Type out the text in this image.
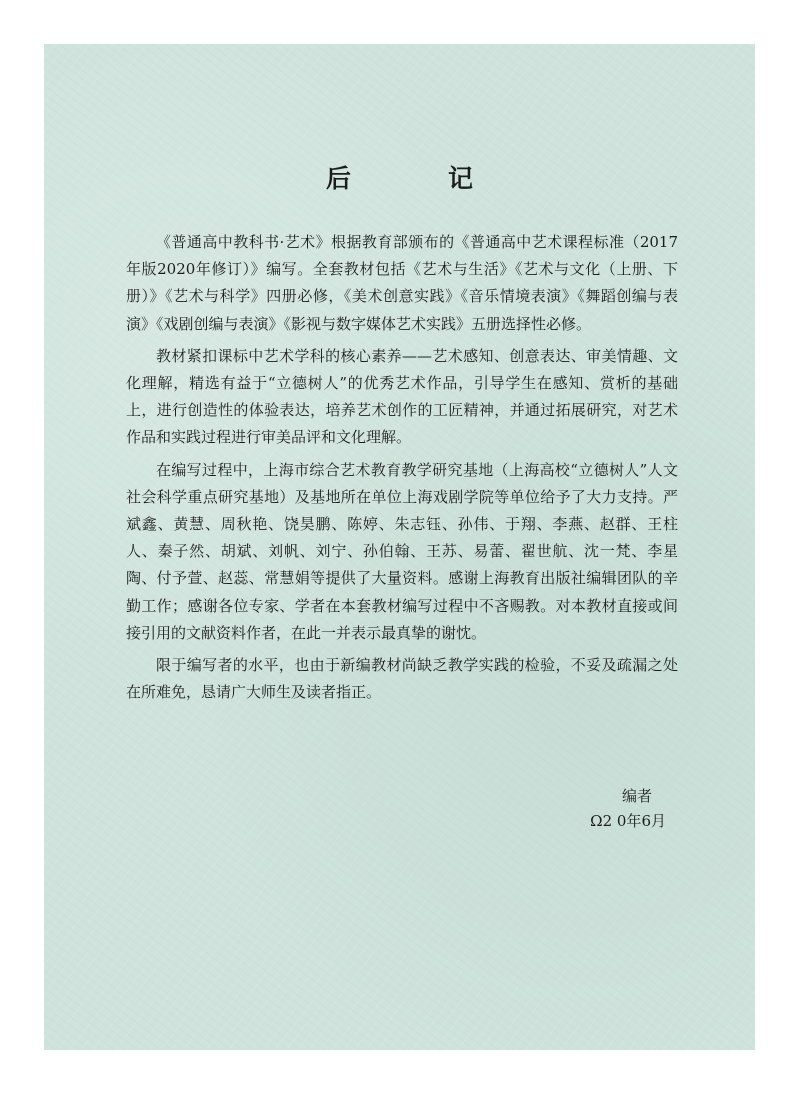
后　记

《普通高中教科书·艺术》根据教育部颁布的《普通高中艺术课程标准（2017年版2020年修订）》编写。全套教材包括《艺术与生活》《艺术与文化（上册、下册）》《艺术与科学》四册必修，《美术创意实践》《音乐情境表演》《舞蹈创编与表演》《戏剧创编与表演》《影视与数字媒体艺术实践》五册选择性必修。

教材紧扣课标中艺术学科的核心素养——艺术感知、创意表达、审美情趣、文化理解，精选有益于“立德树人”的优秀艺术作品，引导学生在感知、赏析的基础上，进行创造性的体验表达，培养艺术创作的工匠精神，并通过拓展研究，对艺术作品和实践过程进行审美品评和文化理解。

在编写过程中，上海市综合艺术教育教学研究基地（上海高校“立德树人”人文社会科学重点研究基地）及基地所在单位上海戏剧学院等单位给予了大力支持。严斌鑫、黄慧、周秋艳、饶昊鹏、陈婷、朱志钰、孙伟、于翔、李燕、赵群、王柱人、秦子然、胡斌、刘帆、刘宁、孙伯翰、王苏、易蕾、翟世航、沈一梵、李星陶、付予萱、赵蕊、常慧娟等提供了大量资料。感谢上海教育出版社编辑团队的辛勤工作；感谢各位专家、学者在本套教材编写过程中不吝赐教。对本教材直接或间接引用的文献资料作者，在此一并表示最真挚的谢忱。

限于编写者的水平，也由于新编教材尚缺乏教学实践的检验，不妥及疏漏之处在所难免，恳请广大师生及读者指正。

编者
Ω2 0年6月
